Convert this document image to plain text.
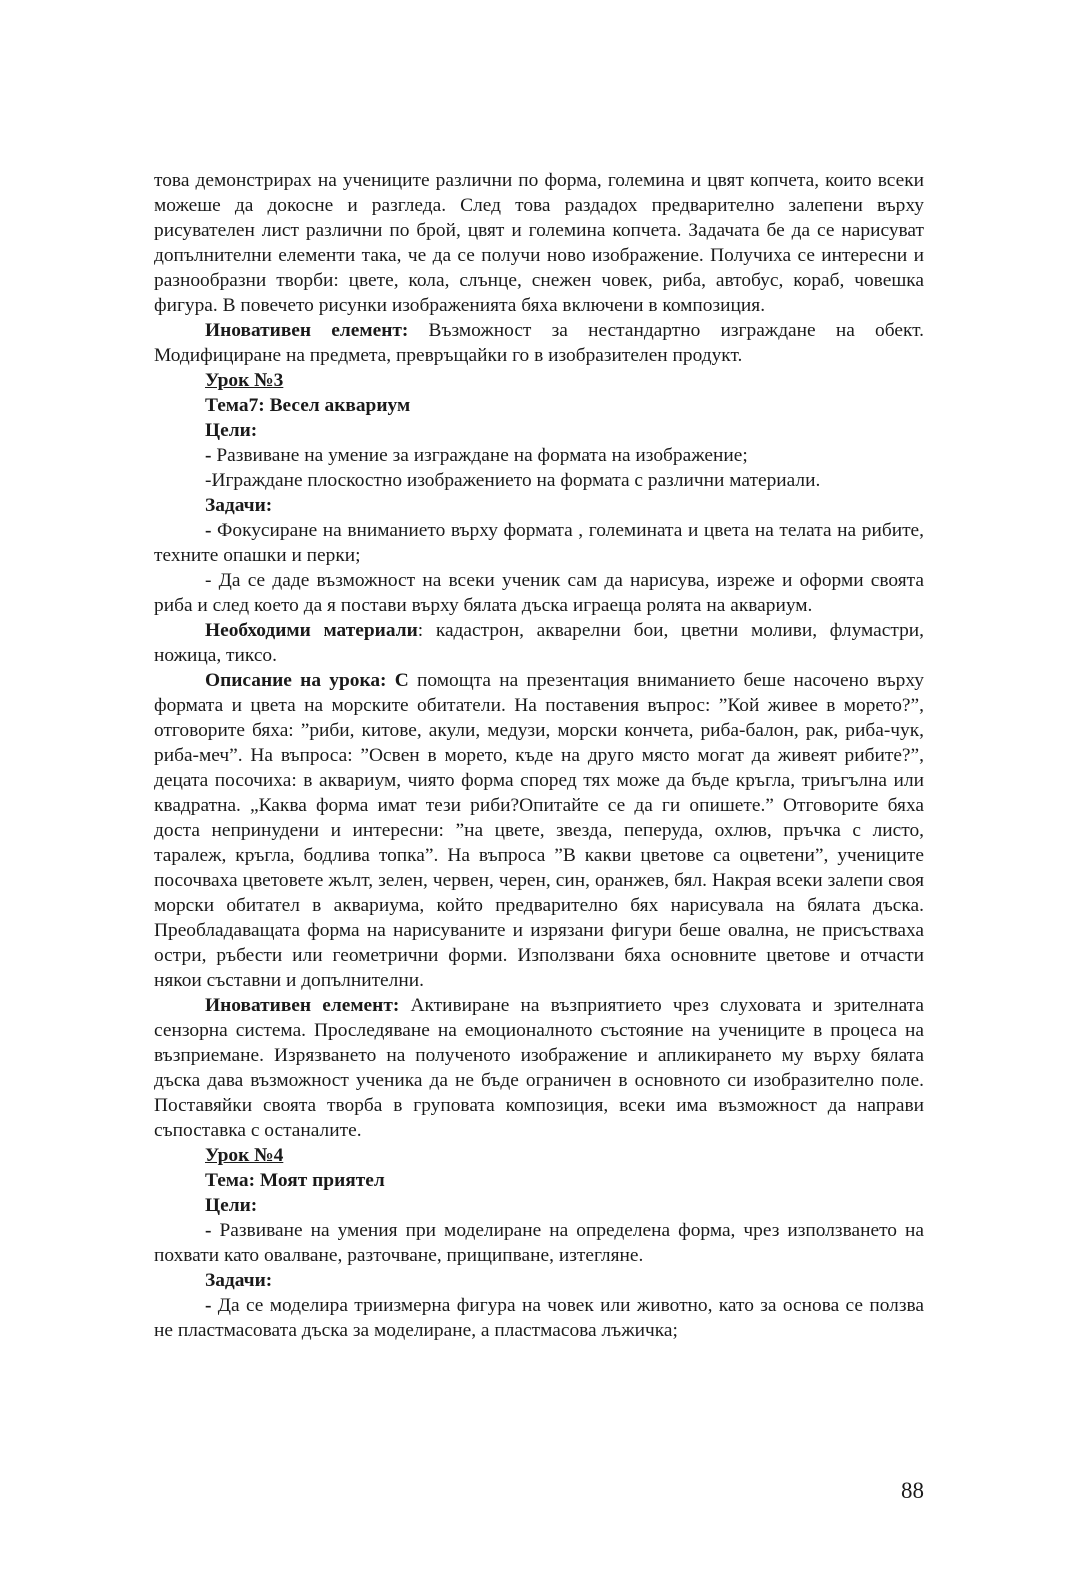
това демонстрирах на учениците различни по форма, големина и цвят копчета, които всеки можеше да докосне и разгледа. След това раздадох предварително залепени върху рисувателен лист различни по брой, цвят и големина копчета. Задачата бе да се нарисуват допълнителни елементи така, че да се получи ново изображение. Получиха се интересни и разнообразни творби: цвете, кола, слънце, снежен човек, риба, автобус, кораб, човешка фигура. В повечето рисунки изображенията бяха включени в композиция.

Иновативен елемент: Възможност за нестандартно изграждане на обект. Модифициране на предмета, превръщайки го в изобразителен продукт.

Урок №3

Тема7: Весел аквариум

Цели:

- Развиване на умение за изграждане на формата на изображение;

-Играждане плоскостно изображението на формата с различни материали.

Задачи:

- Фокусиране на вниманието върху формата , големината и цвета на телата на рибите, техните опашки и перки;

- Да се даде възможност на всеки ученик сам да нарисува, изреже и оформи своята риба и след което да я постави върху бялата дъска играеща ролята на аквариум.

Необходими материали: кадастрон, акварелни бои, цветни моливи, флумастри, ножица, тиксо.

Описание на урока: С помощта на презентация вниманието беше насочено върху формата и цвета на морските обитатели. На поставения въпрос: ”Кой живее в морето?”, отговорите бяха: ”риби, китове, акули, медузи, морски кончета, риба-балон, рак, риба-чук, риба-меч”. На въпроса: ”Освен в морето, къде на друго място могат да живеят рибите?”, децата посочиха: в аквариум, чиято форма според тях може да бъде кръгла, триъгълна или квадратна. „Каква форма имат тези риби?Опитайте се да ги опишете.” Отговорите бяха доста непринудени и интересни: ”на цвете, звезда, пеперуда, охлюв, пръчка с листо, таралеж, кръгла, бодлива топка”. На въпроса ”В какви цветове са оцветени”, учениците посочваха цветовете жълт, зелен, червен, черен, син, оранжев, бял. Накрая всеки залепи своя морски обитател в аквариума, който предварително бях нарисувала на бялата дъска. Преобладаващата форма на нарисуваните и изрязани фигури беше овална, не присъстваха остри, ръбести или геометрични форми. Използвани бяха основните цветове и отчасти някои съставни и допълнителни.

Иновативен елемент: Активиране на възприятието чрез слуховата и зрителната сензорна система. Проследяване на емоционалното състояние на учениците в процеса на възприемане. Изрязването на полученото изображение и апликирането му върху бялата дъска дава възможност ученика да не бъде ограничен в основното си изобразително поле. Поставяйки своята творба в груповата композиция, всеки има възможност да направи съпоставка с останалите.

Урок №4

Тема: Моят приятел

Цели:

- Развиване на умения при моделиране на определена форма, чрез използването на похвати като овалване, разточване, прищипване, изтегляне.

Задачи:

- Да се моделира триизмерна фигура на човек или животно, като за основа се ползва не пластмасовата дъска за моделиране, а пластмасова лъжичка;

88
